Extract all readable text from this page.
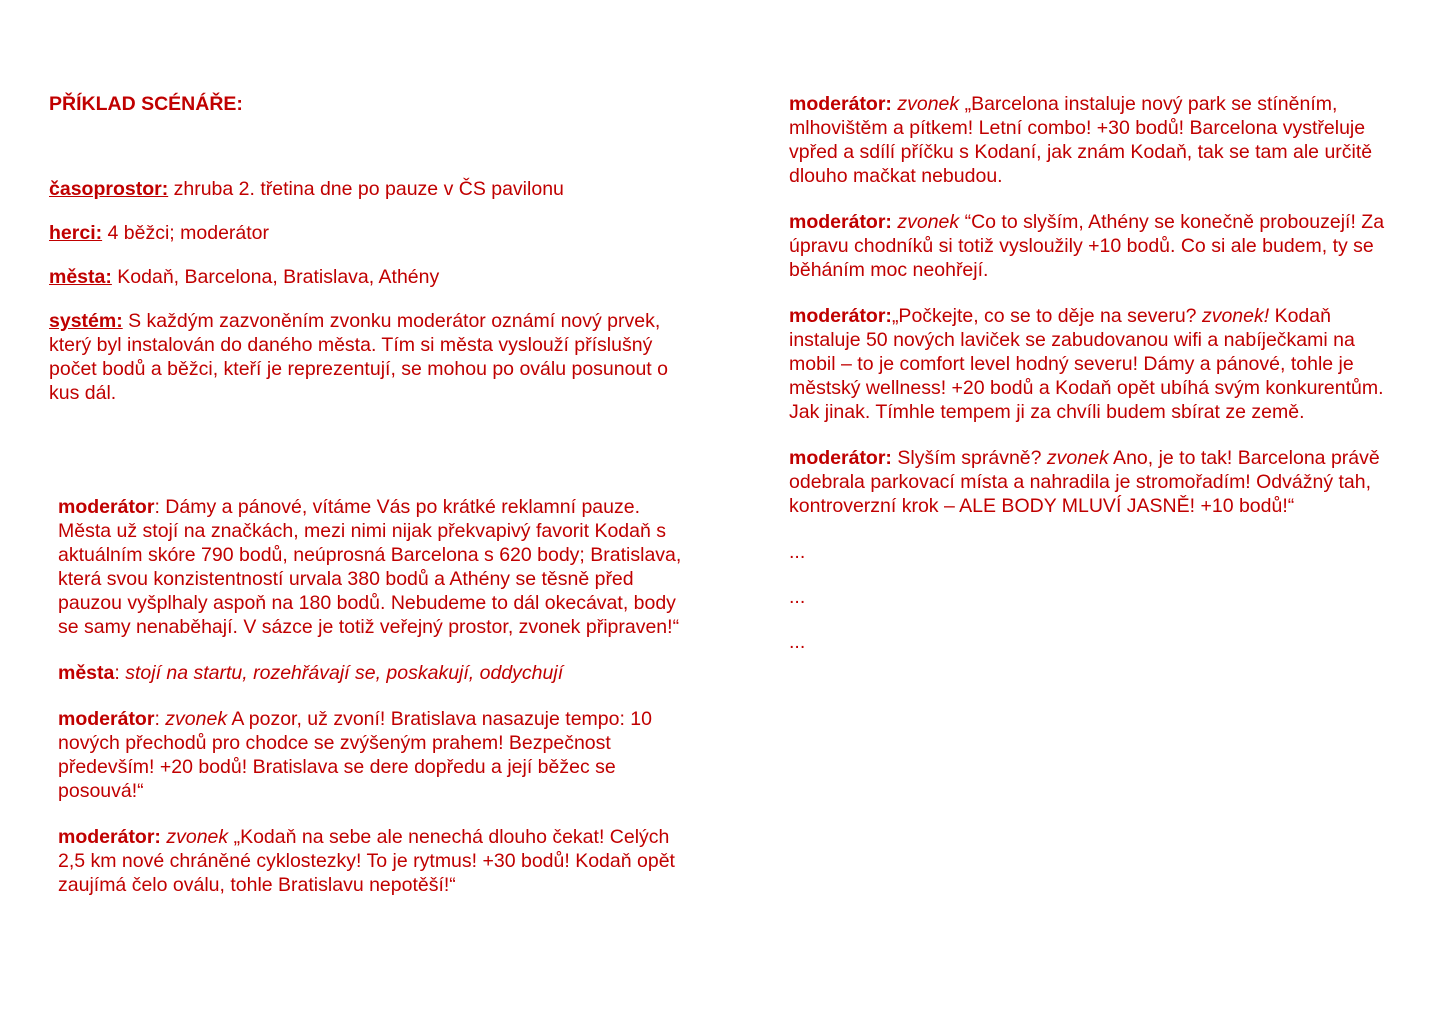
PŘÍKLAD SCÉNÁŘE:

časoprostor: zhruba 2. třetina dne po pauze v ČS pavilonu

herci: 4 běžci; moderátor

města: Kodaň, Barcelona, Bratislava, Athény

systém: S každým zazvoněním zvonku moderátor oznámí nový prvek, který byl instalován do daného města. Tím si města vyslouží příslušný počet bodů a běžci, kteří je reprezentují, se mohou po oválu posunout o kus dál.

moderátor: Dámy a pánové, vítáme Vás po krátké reklamní pauze. Města už stojí na značkách, mezi nimi nijak překvapivý favorit Kodaň s aktuálním skóre 790 bodů, neúprosná Barcelona s 620 body; Bratislava, která svou konzistentností urvala 380 bodů a Athény se těsně před pauzou vyšplhaly aspoň na 180 bodů. Nebudeme to dál okecávat, body se samy nenaběhají. V sázce je totiž veřejný prostor, zvonek připraven!“

města: stojí na startu, rozehřávají se, poskakují, oddychují

moderátor: zvonek A pozor, už zvoní! Bratislava nasazuje tempo: 10 nových přechodů pro chodce se zvýšeným prahem! Bezpečnost především! +20 bodů! Bratislava se dere dopředu a její běžec se posouvá!“

moderátor: zvonek „Kodaň na sebe ale nenechá dlouho čekat! Celých 2,5 km nové chráněné cyklostezky! To je rytmus! +30 bodů! Kodaň opět zaujímá čelo oválu, tohle Bratislavu nepotěší!“

moderátor: zvonek „Barcelona instaluje nový park se stíněním, mlhovištěm a pítkem! Letní combo! +30 bodů! Barcelona vystřeluje vpřed a sdílí příčku s Kodaní, jak znám Kodaň, tak se tam ale určitě dlouho mačkat nebudou.

moderátor: zvonek “Co to slyším, Athény se konečně probouzejí! Za úpravu chodníků si totiž vysloužily +10 bodů. Co si ale budem, ty se běháním moc neohřejí.

moderátor:„Počkejte, co se to děje na severu? zvonek! Kodaň instaluje 50 nových laviček se zabudovanou wifi a nabíječkami na mobil – to je comfort level hodný severu! Dámy a pánové, tohle je městský wellness! +20 bodů a Kodaň opět ubíhá svým konkurentům. Jak jinak. Tímhle tempem ji za chvíli budem sbírat ze země.

moderátor: Slyším správně? zvonek Ano, je to tak! Barcelona právě odebrala parkovací místa a nahradila je stromořadím! Odvážný tah, kontroverzní krok – ALE BODY MLUVÍ JASNĚ! +10 bodů!“

...

...

...
